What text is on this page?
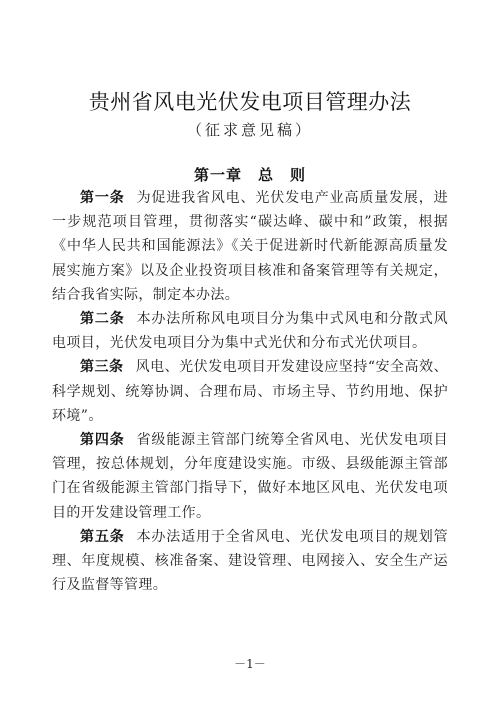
贵州省风电光伏发电项目管理办法
（征求意见稿）
第一章　总　则

第一条 为促进我省风电、光伏发电产业高质量发展，进一步规范项目管理，贯彻落实“碳达峰、碳中和”政策，根据《中华人民共和国能源法》《关于促进新时代新能源高质量发展实施方案》以及企业投资项目核准和备案管理等有关规定，结合我省实际，制定本办法。

第二条 本办法所称风电项目分为集中式风电和分散式风电项目，光伏发电项目分为集中式光伏和分布式光伏项目。

第三条 风电、光伏发电项目开发建设应坚持“安全高效、科学规划、统筹协调、合理布局、市场主导、节约用地、保护环境”。

第四条 省级能源主管部门统筹全省风电、光伏发电项目管理，按总体规划，分年度建设实施。市级、县级能源主管部门在省级能源主管部门指导下，做好本地区风电、光伏发电项目的开发建设管理工作。

第五条 本办法适用于全省风电、光伏发电项目的规划管理、年度规模、核准备案、建设管理、电网接入、安全生产运行及监督等管理。

－1－
